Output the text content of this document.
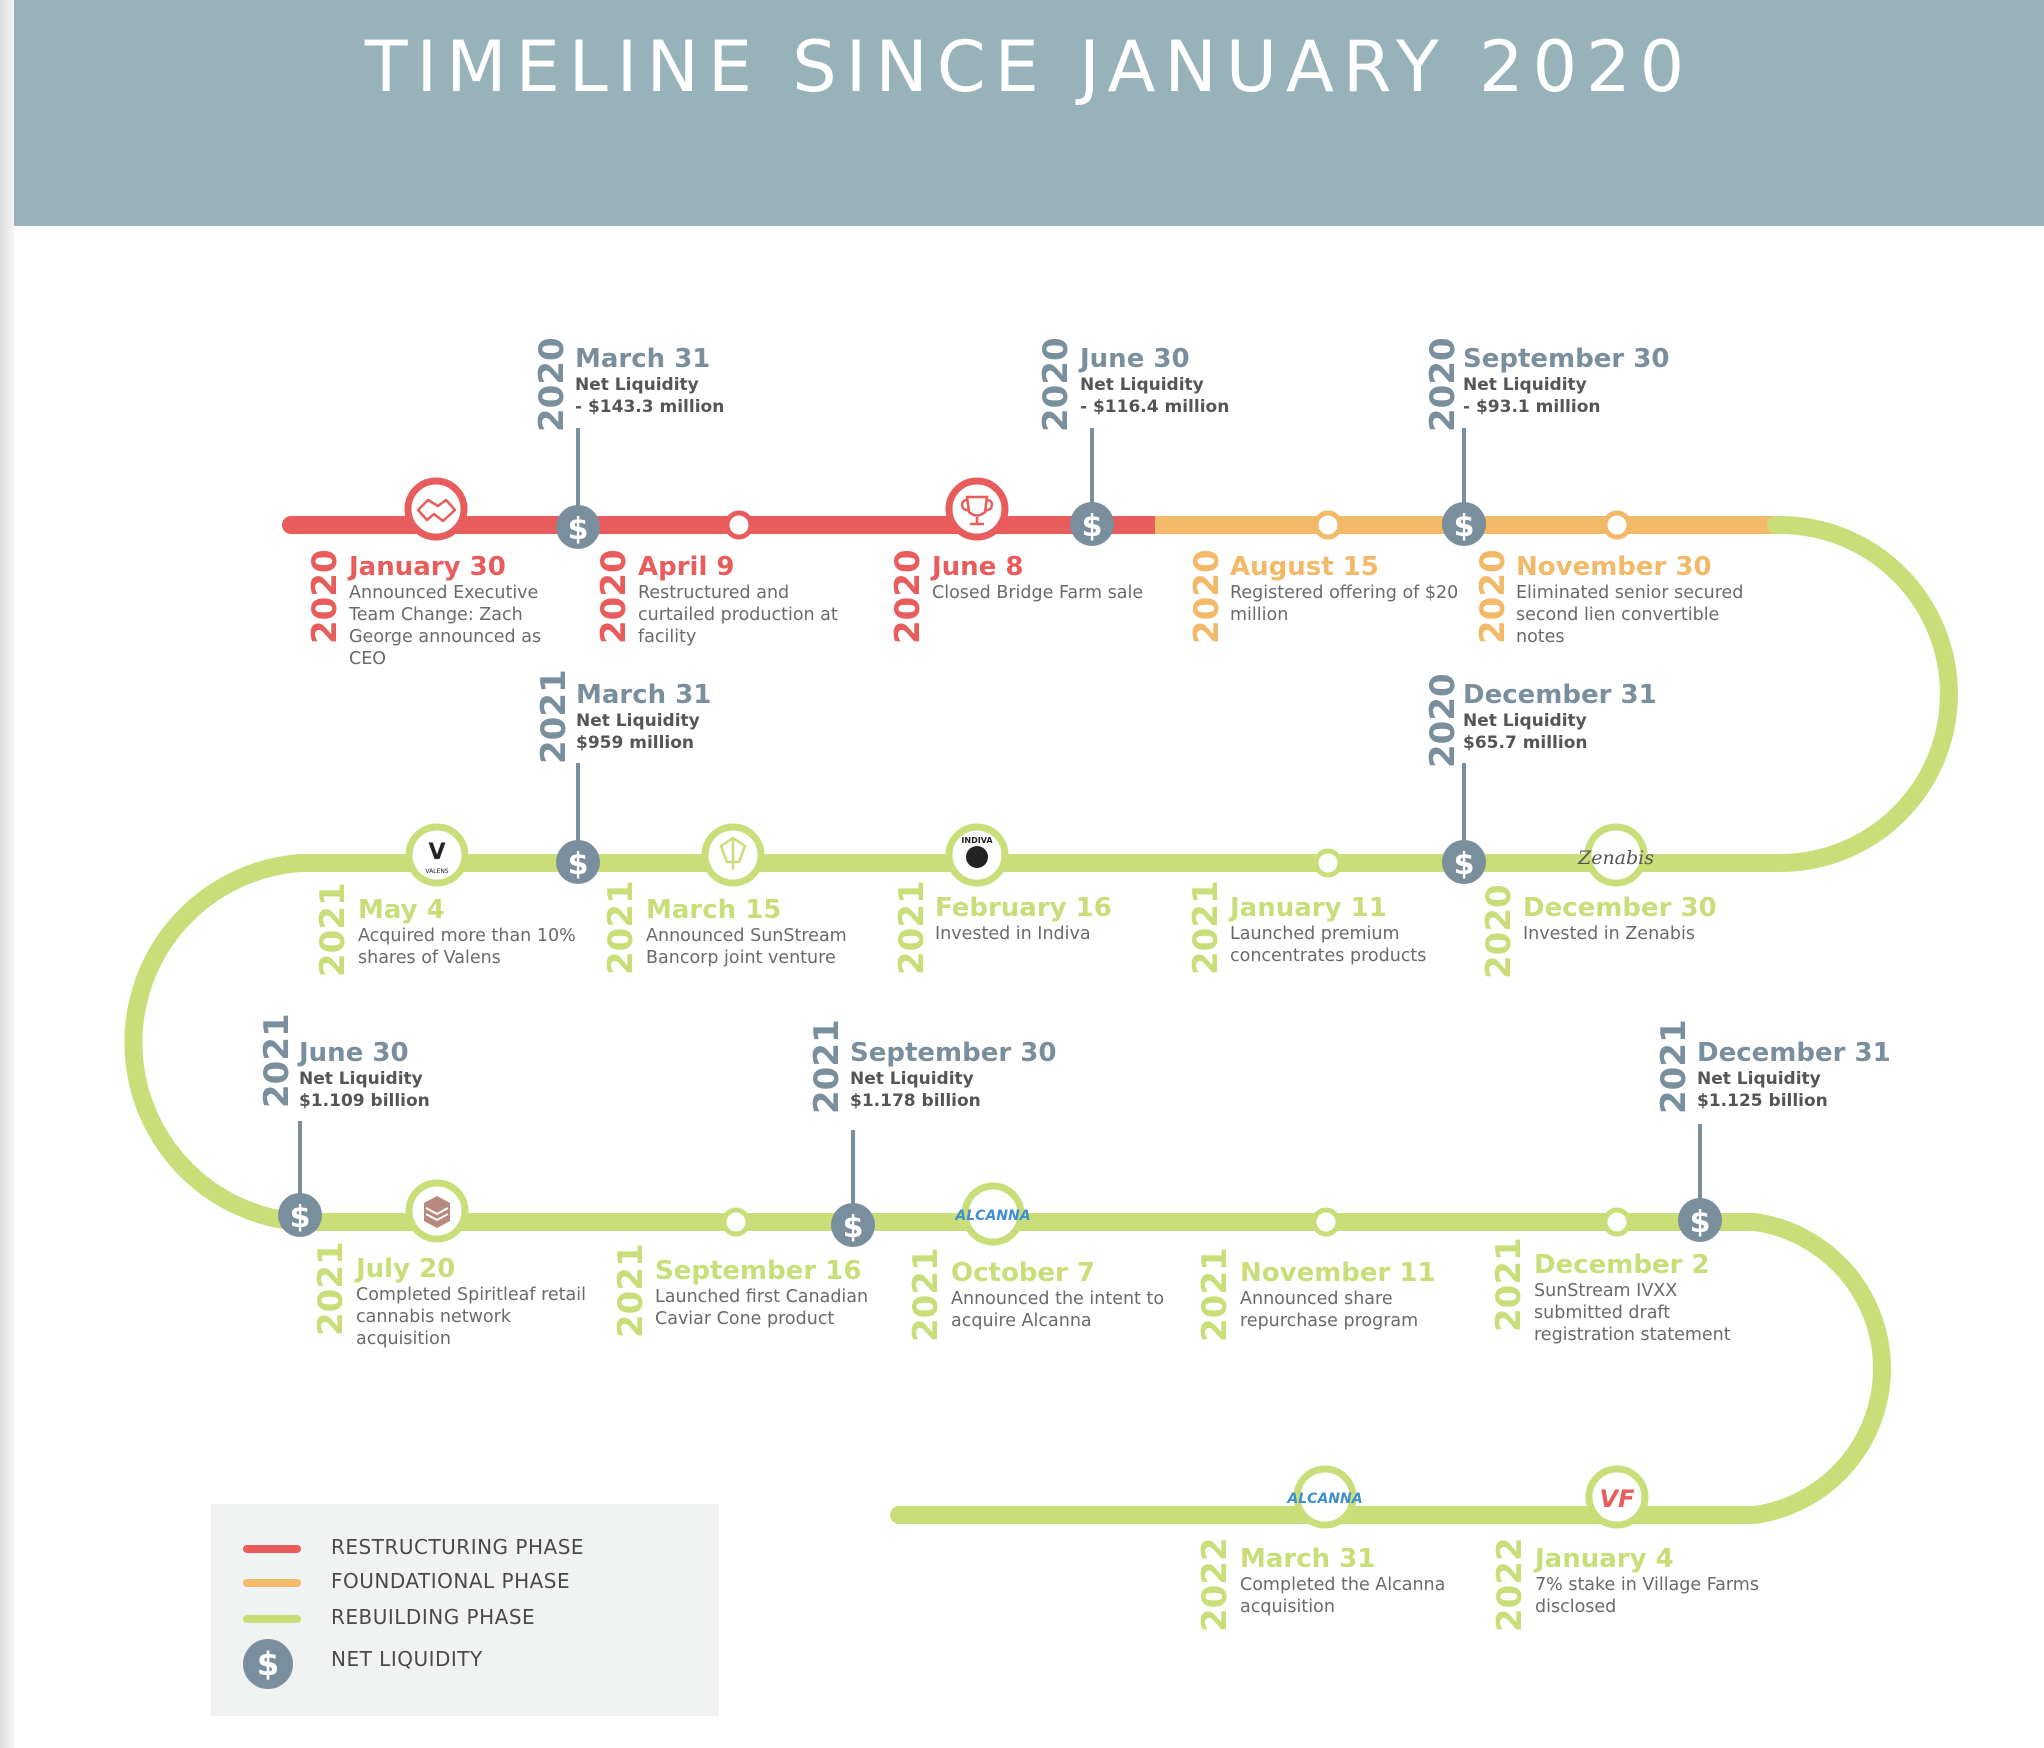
TIMELINE SINCE JANUARY 2020
V
VALENS
INDIVA
Zenabis
ALCANNA
ALCANNA	VF
$	$	$
$	$
$	$	$
2020 March 31
Net Liquidity
- $143.3 million	2020 June 30
Net Liquidity
- $116.4 million	2020 September 30
Net Liquidity
- $93.1 million
2020 January 30
Announced Executive Team Change: Zach George announced as CEO
2020 April 9
Restructured and curtailed production at facility	2020 June 8
Closed Bridge Farm sale 2020 August 15
Registered offering of $20 million	2020 November 30
Eliminated senior secured second lien convertible notes
2021 March 31
Net Liquidity
$959 million	2020 December 31
Net Liquidity
$65.7 million
2021 May 4
Acquired more than 10% shares of Valens	2021 March 15
Announced SunStream Bancorp joint venture	2021 February 16
Invested in Indiva	2021 January 11
Launched premium concentrates products	2020 December 30
Invested in Zenabis
2021 June 30
Net Liquidity
$1.109 billion	2021 September 30
Net Liquidity
$1.178 billion	2021 December 31
Net Liquidity
$1.125 billion
2021 July 20
Completed Spiritleaf retail cannabis network acquisition
2021 September 16
Launched first Canadian Caviar Cone product	2021 October 7
Announced the intent to acquire Alcanna	2021 November 11
Announced share repurchase program	2021 December 2
SunStream IVXX submitted draft registration statement
2022 March 31
Completed the Alcanna acquisition	2022 January 4
7% stake in Village Farms disclosed
RESTRUCTURING PHASE
FOUNDATIONAL PHASE
REBUILDING PHASE
$	NET LIQUIDITY
